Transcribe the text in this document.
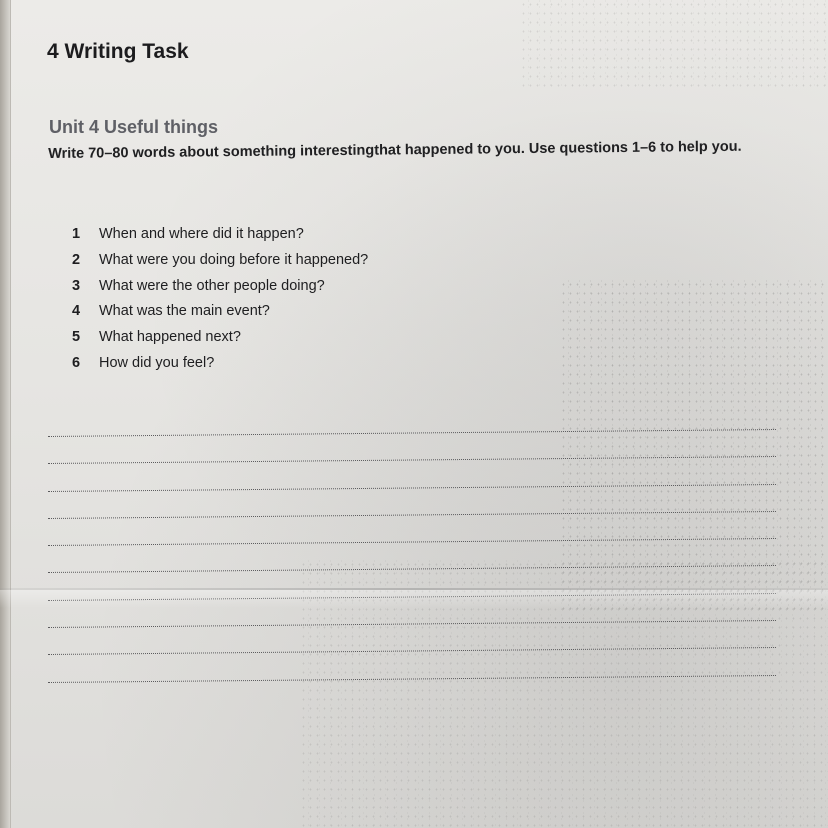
4 Writing Task
Unit 4 Useful things
Write 70–80 words about something interestingthat happened to you. Use questions 1–6 to help you.
1	When and where did it happen?
2	What were you doing before it happened?
3	What were the other people doing?
4	What was the main event?
5	What happened next?
6	How did you feel?
